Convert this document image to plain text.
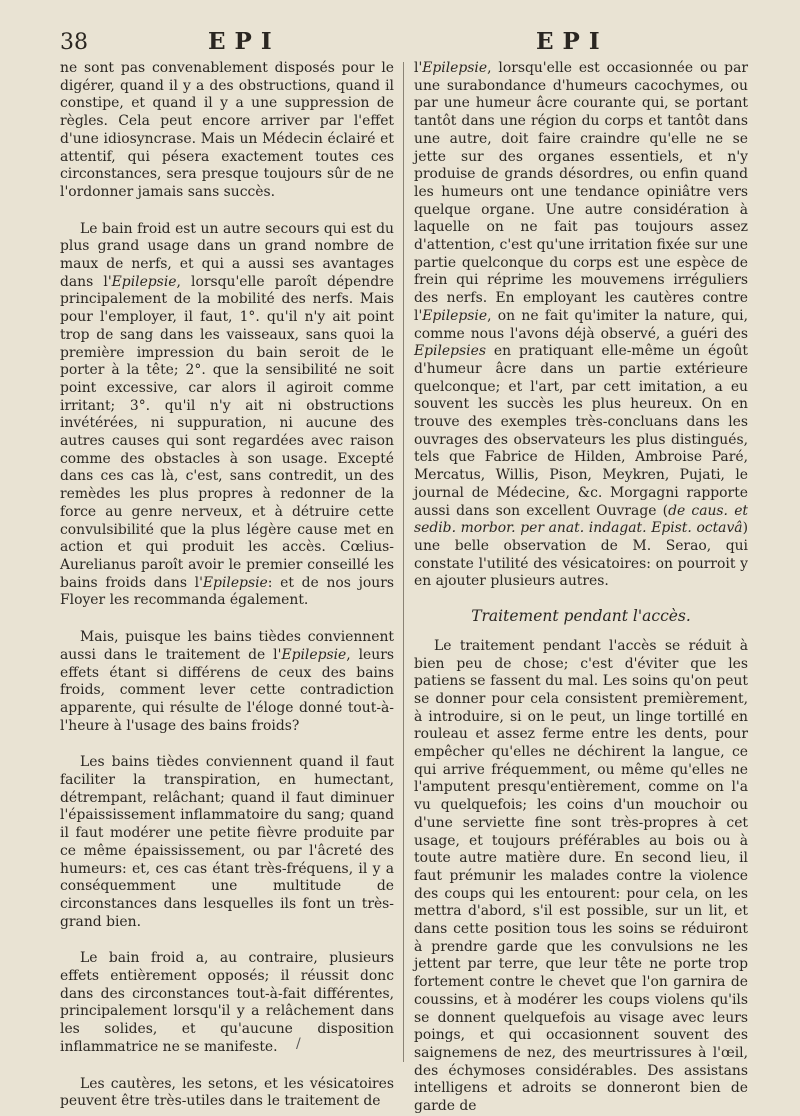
38	EPI	EPI

ne sont pas convenablement disposés pour le digérer, quand il y a des obstructions, quand il constipe, et quand il y a une suppression de règles. Cela peut encore arriver par l'effet d'une idiosyncrase. Mais un Médecin éclairé et attentif, qui pésera exactement toutes ces circonstances, sera presque toujours sûr de ne l'ordonner jamais sans succès.

Le bain froid est un autre secours qui est du plus grand usage dans un grand nombre de maux de nerfs, et qui a aussi ses avantages dans l'Epilepsie, lorsqu'elle paroît dépendre principalement de la mobilité des nerfs. Mais pour l'employer, il faut, 1°. qu'il n'y ait point trop de sang dans les vaisseaux, sans quoi la première impression du bain seroit de le porter à la tête; 2°. que la sensibilité ne soit point excessive, car alors il agiroit comme irritant; 3°. qu'il n'y ait ni obstructions invétérées, ni suppuration, ni aucune des autres causes qui sont regardées avec raison comme des obstacles à son usage. Excepté dans ces cas là, c'est, sans contredit, un des remèdes les plus propres à redonner de la force au genre nerveux, et à détruire cette convulsibilité que la plus légère cause met en action et qui produit les accès. Cœlius-Aurelianus paroît avoir le premier conseillé les bains froids dans l'Epilepsie: et de nos jours Floyer les recommanda également.

Mais, puisque les bains tièdes conviennent aussi dans le traitement de l'Epilepsie, leurs effets étant si différens de ceux des bains froids, comment lever cette contradiction apparente, qui résulte de l'éloge donné tout-à-l'heure à l'usage des bains froids?

Les bains tièdes conviennent quand il faut faciliter la transpiration, en humectant, détrempant, relâchant; quand il faut diminuer l'épaississement inflammatoire du sang; quand il faut modérer une petite fièvre produite par ce même épaississement, ou par l'âcreté des humeurs: et, ces cas étant très-fréquens, il y a conséquemment une multitude de circonstances dans lesquelles ils font un très-grand bien.

Le bain froid a, au contraire, plusieurs effets entièrement opposés; il réussit donc dans des circonstances tout-à-fait différentes, principalement lorsqu'il y a relâchement dans les solides, et qu'aucune disposition inflammatrice ne se manifeste.

Les cautères, les setons, et les vésicatoires peuvent être très-utiles dans le traitement de

l'Epilepsie, lorsqu'elle est occasionnée ou par une surabondance d'humeurs cacochymes, ou par une humeur âcre courante qui, se portant tantôt dans une région du corps et tantôt dans une autre, doit faire craindre qu'elle ne se jette sur des organes essentiels, et n'y produise de grands désordres, ou enfin quand les humeurs ont une tendance opiniâtre vers quelque organe. Une autre considération à laquelle on ne fait pas toujours assez d'attention, c'est qu'une irritation fixée sur une partie quelconque du corps est une espèce de frein qui réprime les mouvemens irréguliers des nerfs. En employant les cautères contre l'Epilepsie, on ne fait qu'imiter la nature, qui, comme nous l'avons déjà observé, a guéri des Epilepsies en pratiquant elle-même un égoût d'humeur âcre dans un partie extérieure quelconque; et l'art, par cett imitation, a eu souvent les succès les plus heureux. On en trouve des exemples très-concluans dans les ouvrages des observateurs les plus distingués, tels que Fabrice de Hilden, Ambroise Paré, Mercatus, Willis, Pison, Meykren, Pujati, le journal de Médecine, &c. Morgagni rapporte aussi dans son excellent Ouvrage (de caus. et sedib. morbor. per anat. indagat. Epist. octavâ) une belle observation de M. Serao, qui constate l'utilité des vésicatoires: on pourroit y en ajouter plusieurs autres.

Traitement pendant l'accès.

Le traitement pendant l'accès se réduit à bien peu de chose; c'est d'éviter que les patiens se fassent du mal. Les soins qu'on peut se donner pour cela consistent premièrement, à introduire, si on le peut, un linge tortillé en rouleau et assez ferme entre les dents, pour empêcher qu'elles ne déchirent la langue, ce qui arrive fréquemment, ou même qu'elles ne l'amputent presqu'entièrement, comme on l'a vu quelquefois; les coins d'un mouchoir ou d'une serviette fine sont très-propres à cet usage, et toujours préférables au bois ou à toute autre matière dure. En second lieu, il faut prémunir les malades contre la violence des coups qui les entourent: pour cela, on les mettra d'abord, s'il est possible, sur un lit, et dans cette position tous les soins se réduiront à prendre garde que les convulsions ne les jettent par terre, que leur tête ne porte trop fortement contre le chevet que l'on garnira de coussins, et à modérer les coups violens qu'ils se donnent quelquefois au visage avec leurs poings, et qui occasionnent souvent des saignemens de nez, des meurtrissures à l'œil, des échymoses considérables. Des assistans intelligens et adroits se donneront bien de garde de

/
